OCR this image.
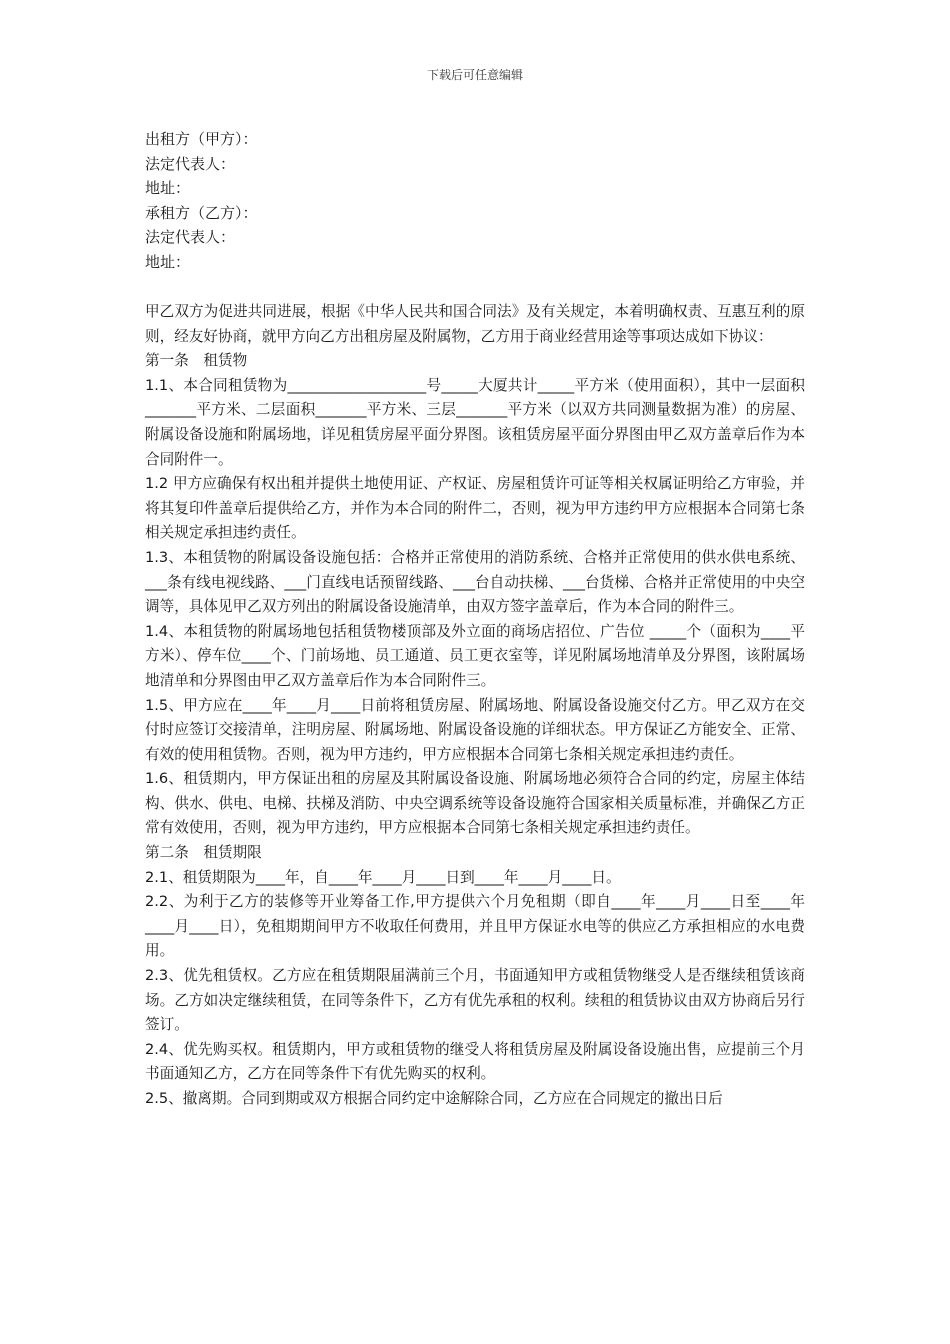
下载后可任意编辑
出租方（甲方）：
法定代表人：
地址：
承租方（乙方）：
法定代表人：
地址：

甲乙双方为促进共同进展，根据《中华人民共和国合同法》及有关规定，本着明确权责、互惠互利的原则，经友好协商，就甲方向乙方出租房屋及附属物，乙方用于商业经营用途等事项达成如下协议：

第一条　租赁物

1.1、本合同租赁物为___________________号_____大厦共计_____平方米（使用面积），其中一层面积_______平方米、二层面积_______平方米、三层_______平方米（以双方共同测量数据为准）的房屋、附属设备设施和附属场地，详见租赁房屋平面分界图。该租赁房屋平面分界图由甲乙双方盖章后作为本合同附件一。

1.2 甲方应确保有权出租并提供土地使用证、产权证、房屋租赁许可证等相关权属证明给乙方审验，并将其复印件盖章后提供给乙方，并作为本合同的附件二，否则，视为甲方违约甲方应根据本合同第七条相关规定承担违约责任。

1.3、本租赁物的附属设备设施包括：合格并正常使用的消防系统、合格并正常使用的供水供电系统、___条有线电视线路、___门直线电话预留线路、___台自动扶梯、___台货梯、合格并正常使用的中央空调等，具体见甲乙双方列出的附属设备设施清单，由双方签字盖章后，作为本合同的附件三。

1.4、本租赁物的附属场地包括租赁物楼顶部及外立面的商场店招位、广告位 _____个（面积为____平方米）、停车位____个、门前场地、员工通道、员工更衣室等，详见附属场地清单及分界图，该附属场地清单和分界图由甲乙双方盖章后作为本合同附件三。

1.5、甲方应在____年____月____日前将租赁房屋、附属场地、附属设备设施交付乙方。甲乙双方在交付时应签订交接清单，注明房屋、附属场地、附属设备设施的详细状态。甲方保证乙方能安全、正常、有效的使用租赁物。否则，视为甲方违约，甲方应根据本合同第七条相关规定承担违约责任。

1.6、租赁期内，甲方保证出租的房屋及其附属设备设施、附属场地必须符合合同的约定，房屋主体结构、供水、供电、电梯、扶梯及消防、中央空调系统等设备设施符合国家相关质量标准，并确保乙方正常有效使用，否则，视为甲方违约，甲方应根据本合同第七条相关规定承担违约责任。

第二条　租赁期限

2.1、租赁期限为____年，自____年____月____日到____年____月____日。

2.2、为利于乙方的装修等开业筹备工作,甲方提供六个月免租期（即自____年____月____日至____年____月____日），免租期期间甲方不收取任何费用，并且甲方保证水电等的供应乙方承担相应的水电费用。

2.3、优先租赁权。乙方应在租赁期限届满前三个月，书面通知甲方或租赁物继受人是否继续租赁该商场。乙方如决定继续租赁，在同等条件下，乙方有优先承租的权利。续租的租赁协议由双方协商后另行签订。

2.4、优先购买权。租赁期内，甲方或租赁物的继受人将租赁房屋及附属设备设施出售，应提前三个月书面通知乙方，乙方在同等条件下有优先购买的权利。

2.5、撤离期。合同到期或双方根据合同约定中途解除合同，乙方应在合同规定的撤出日后
